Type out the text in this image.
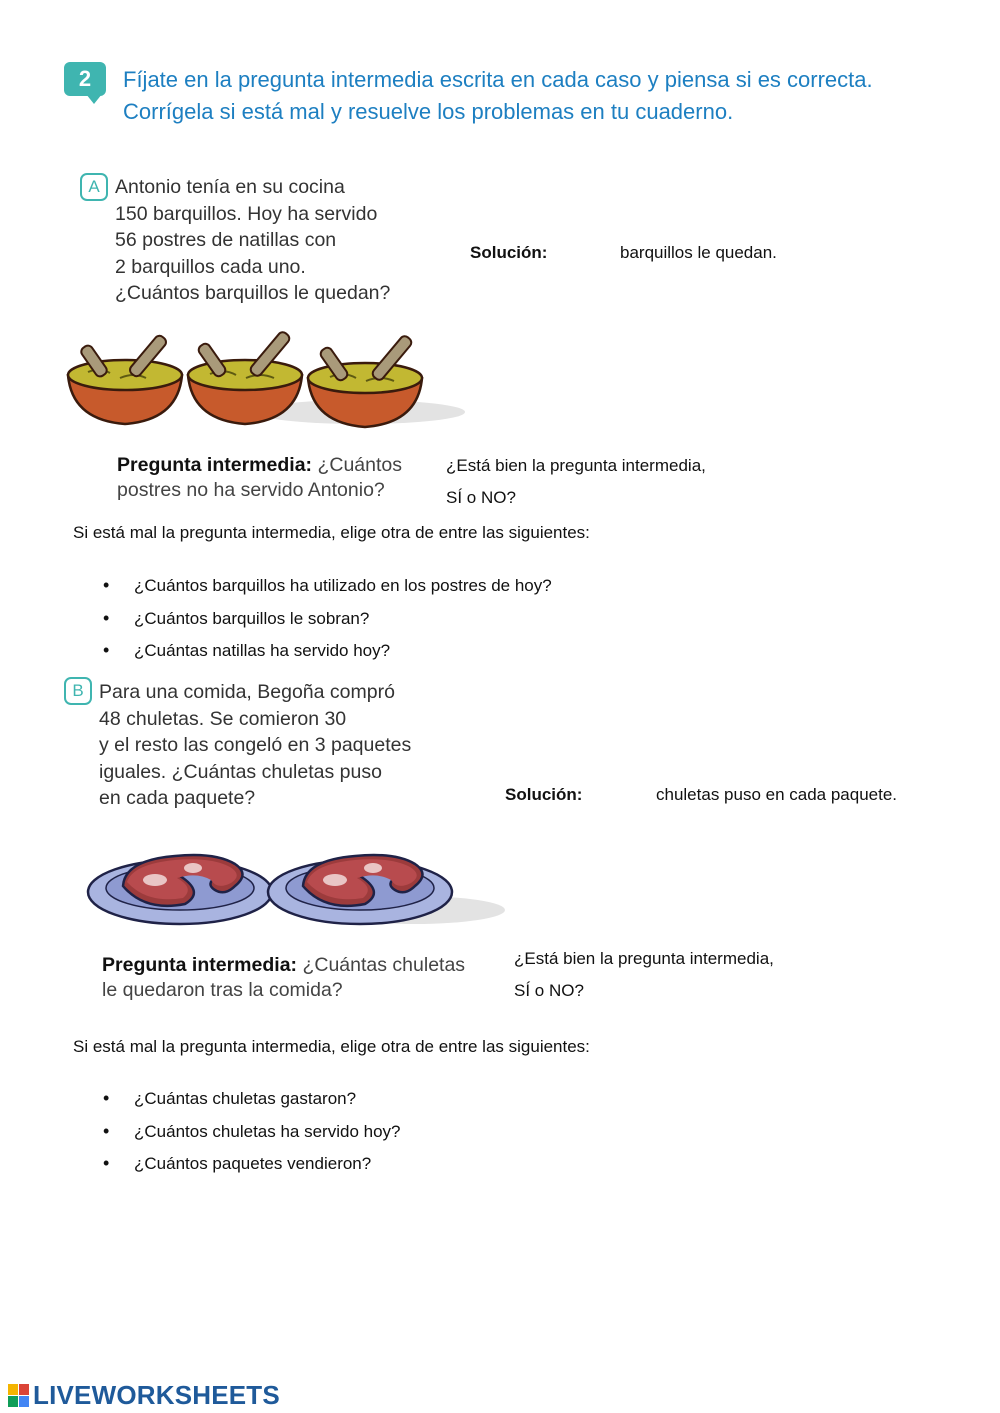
2	Fíjate en la pregunta intermedia escrita en cada caso y piensa si es correcta.
Corrígela si está mal y resuelve los problemas en tu cuaderno.
A Antonio tenía en su cocina
150 barquillos. Hoy ha servido
56 postres de natillas con
2 barquillos cada uno.
¿Cuántos barquillos le quedan?
Solución:	barquillos le quedan.
Pregunta intermedia: ¿Cuántos
postres no ha servido Antonio?
¿Está bien la pregunta intermedia,
SÍ o NO?
Si está mal la pregunta intermedia, elige otra de entre las siguientes:
• ¿Cuántos barquillos ha utilizado en los postres de hoy?
• ¿Cuántos barquillos le sobran?
• ¿Cuántas natillas ha servido hoy?
B Para una comida, Begoña compró
48 chuletas. Se comieron 30
y el resto las congeló en 3 paquetes
iguales. ¿Cuántas chuletas puso
en cada paquete?	Solución:	chuletas puso en cada paquete.
Pregunta intermedia: ¿Cuántas chuletas
le quedaron tras la comida?
¿Está bien la pregunta intermedia,
SÍ o NO?
Si está mal la pregunta intermedia, elige otra de entre las siguientes:
• ¿Cuántas chuletas gastaron?
• ¿Cuántos chuletas ha servido hoy?
• ¿Cuántos paquetes vendieron?
LIVEWORKSHEETS
